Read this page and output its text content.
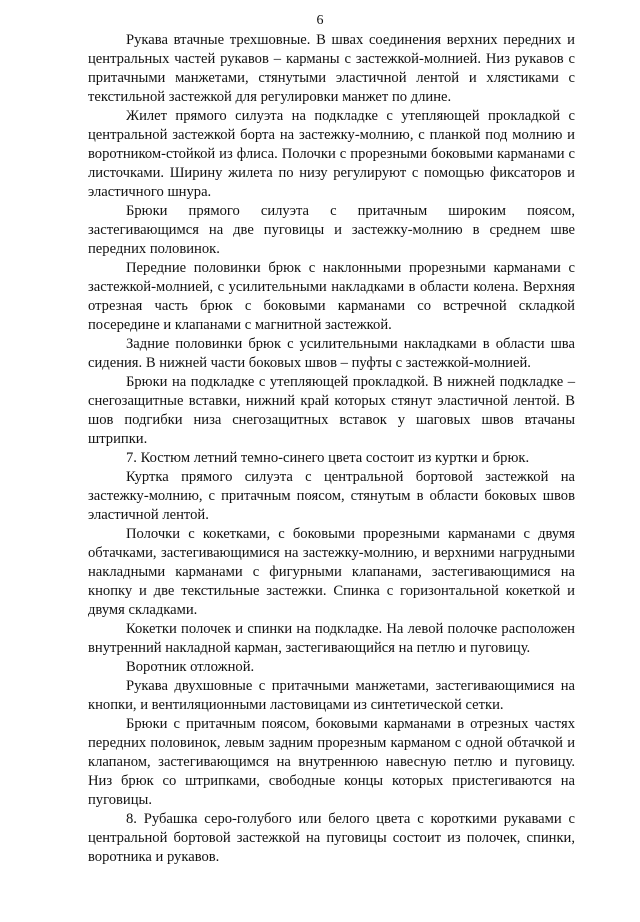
6

Рукава втачные трехшовные. В швах соединения верхних передних и центральных частей рукавов – карманы с застежкой-молнией. Низ рукавов с притачными манжетами, стянутыми эластичной лентой и хлястиками с текстильной застежкой для регулировки манжет по длине.

Жилет прямого силуэта на подкладке с утепляющей прокладкой с центральной застежкой борта на застежку-молнию, с планкой под молнию и воротником-стойкой из флиса. Полочки с прорезными боковыми карманами с листочками. Ширину жилета по низу регулируют с помощью фиксаторов и эластичного шнура.

Брюки прямого силуэта с притачным широким поясом, застегивающимся на две пуговицы и застежку-молнию в среднем шве передних половинок.

Передние половинки брюк с наклонными прорезными карманами с застежкой-молнией, с усилительными накладками в области колена. Верхняя отрезная часть брюк с боковыми карманами со встречной складкой посередине и клапанами с магнитной застежкой.

Задние половинки брюк с усилительными накладками в области шва сидения. В нижней части боковых швов – пуфты с застежкой-молнией.

Брюки на подкладке с утепляющей прокладкой. В нижней подкладке – снегозащитные вставки, нижний край которых стянут эластичной лентой. В шов подгибки низа снегозащитных вставок у шаговых швов втачаны штрипки.

7. Костюм летний темно-синего цвета состоит из куртки и брюк.

Куртка прямого силуэта с центральной бортовой застежкой на застежку-молнию, с притачным поясом, стянутым в области боковых швов эластичной лентой.

Полочки с кокетками, с боковыми прорезными карманами с двумя обтачками, застегивающимися на застежку-молнию, и верхними нагрудными накладными карманами с фигурными клапанами, застегивающимися на кнопку и две текстильные застежки. Спинка с горизонтальной кокеткой и двумя складками.

Кокетки полочек и спинки на подкладке. На левой полочке расположен внутренний накладной карман, застегивающийся на петлю и пуговицу.

Воротник отложной.

Рукава двухшовные с притачными манжетами, застегивающимися на кнопки, и вентиляционными ластовицами из синтетической сетки.

Брюки с притачным поясом, боковыми карманами в отрезных частях передних половинок, левым задним прорезным карманом с одной обтачкой и клапаном, застегивающимся на внутреннюю навесную петлю и пуговицу. Низ брюк со штрипками, свободные концы которых пристегиваются на пуговицы.

8. Рубашка серо-голубого или белого цвета с короткими рукавами с центральной бортовой застежкой на пуговицы состоит из полочек, спинки, воротника и рукавов.
